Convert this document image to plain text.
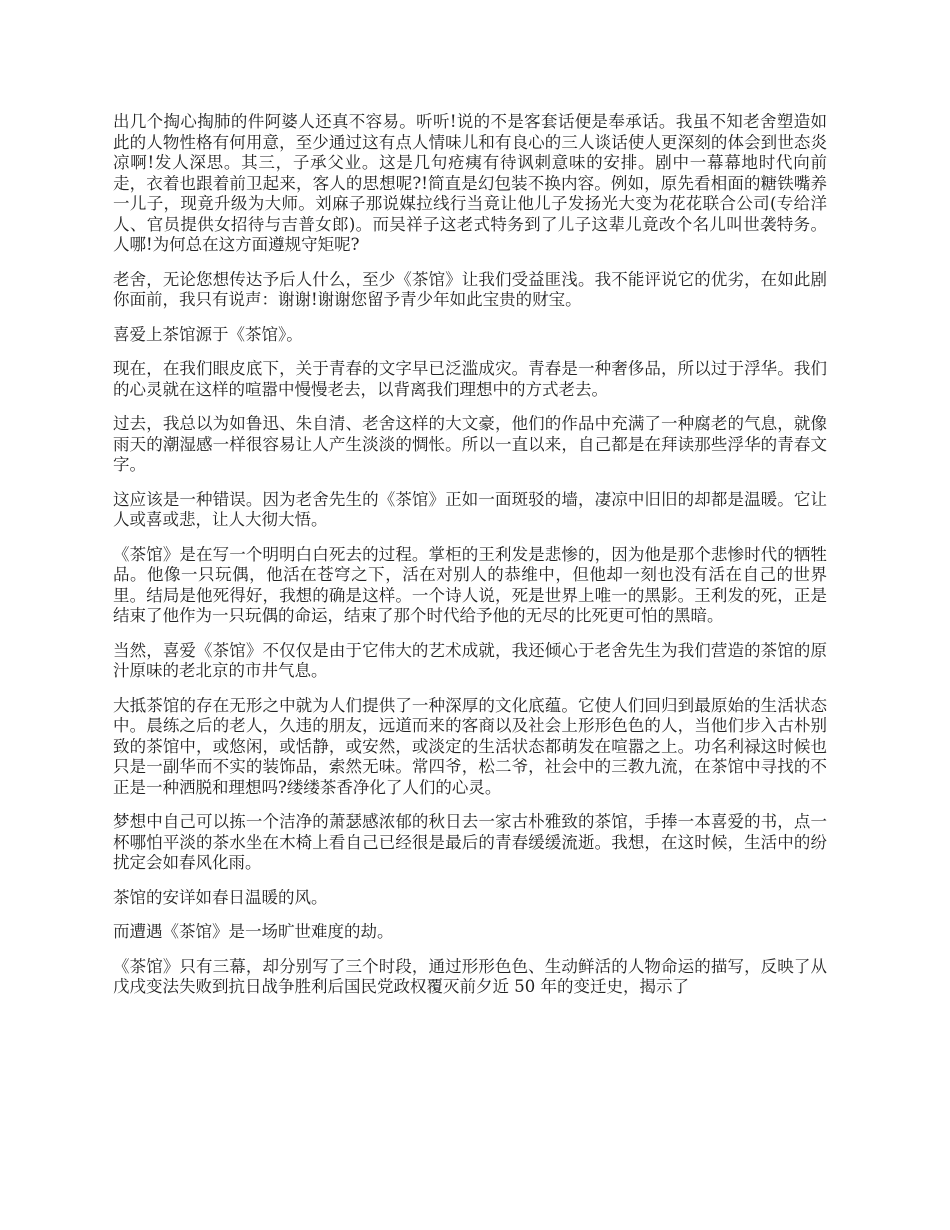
出几个掏心掏肺的件阿婆人还真不容易。听听!说的不是客套话便是奉承话。我虽不知老舍塑造如此的人物性格有何用意，至少通过这有点人情味儿和有良心的三人谈话使人更深刻的体会到世态炎凉啊!发人深思。其三，子承父业。这是几句疮痍有待讽刺意味的安排。剧中一幕幕地时代向前走，衣着也跟着前卫起来，客人的思想呢?!简直是幻包装不换内容。例如，原先看相面的糖铁嘴养一儿子，现竟升级为大师。刘麻子那说媒拉线行当竟让他儿子发扬光大变为花花联合公司(专给洋人、官员提供女招待与吉普女郎)。而吴祥子这老式特务到了儿子这辈儿竟改个名儿叫世袭特务。人哪!为何总在这方面遵规守矩呢?

老舍，无论您想传达予后人什么，至少《茶馆》让我们受益匪浅。我不能评说它的优劣，在如此剧你面前，我只有说声：谢谢!谢谢您留予青少年如此宝贵的财宝。

喜爱上茶馆源于《茶馆》。

现在，在我们眼皮底下，关于青春的文字早已泛滥成灾。青春是一种奢侈品，所以过于浮华。我们的心灵就在这样的喧嚣中慢慢老去，以背离我们理想中的方式老去。

过去，我总以为如鲁迅、朱自清、老舍这样的大文豪，他们的作品中充满了一种腐老的气息，就像雨天的潮湿感一样很容易让人产生淡淡的惆怅。所以一直以来，自己都是在拜读那些浮华的青春文字。

这应该是一种错误。因为老舍先生的《茶馆》正如一面斑驳的墙，凄凉中旧旧的却都是温暖。它让人或喜或悲，让人大彻大悟。

《茶馆》是在写一个明明白白死去的过程。掌柜的王利发是悲惨的，因为他是那个悲惨时代的牺牲品。他像一只玩偶，他活在苍穹之下，活在对别人的恭维中，但他却一刻也没有活在自己的世界里。结局是他死得好，我想的确是这样。一个诗人说，死是世界上唯一的黑影。王利发的死，正是结束了他作为一只玩偶的命运，结束了那个时代给予他的无尽的比死更可怕的黑暗。

当然，喜爱《茶馆》不仅仅是由于它伟大的艺术成就，我还倾心于老舍先生为我们营造的茶馆的原汁原味的老北京的市井气息。

大抵茶馆的存在无形之中就为人们提供了一种深厚的文化底蕴。它使人们回归到最原始的生活状态中。晨练之后的老人，久违的朋友，远道而来的客商以及社会上形形色色的人，当他们步入古朴别致的茶馆中，或悠闲，或恬静，或安然，或淡定的生活状态都萌发在喧嚣之上。功名利禄这时候也只是一副华而不实的装饰品，索然无味。常四爷，松二爷，社会中的三教九流，在茶馆中寻找的不正是一种洒脱和理想吗?缕缕茶香净化了人们的心灵。

梦想中自己可以拣一个洁净的萧瑟感浓郁的秋日去一家古朴雅致的茶馆，手捧一本喜爱的书，点一杯哪怕平淡的茶水坐在木椅上看自己已经很是最后的青春缓缓流逝。我想，在这时候，生活中的纷扰定会如春风化雨。

茶馆的安详如春日温暖的风。

而遭遇《茶馆》是一场旷世难度的劫。

《茶馆》只有三幕，却分别写了三个时段，通过形形色色、生动鲜活的人物命运的描写，反映了从戊戌变法失败到抗日战争胜利后国民党政权覆灭前夕近 50 年的变迁史，揭示了
